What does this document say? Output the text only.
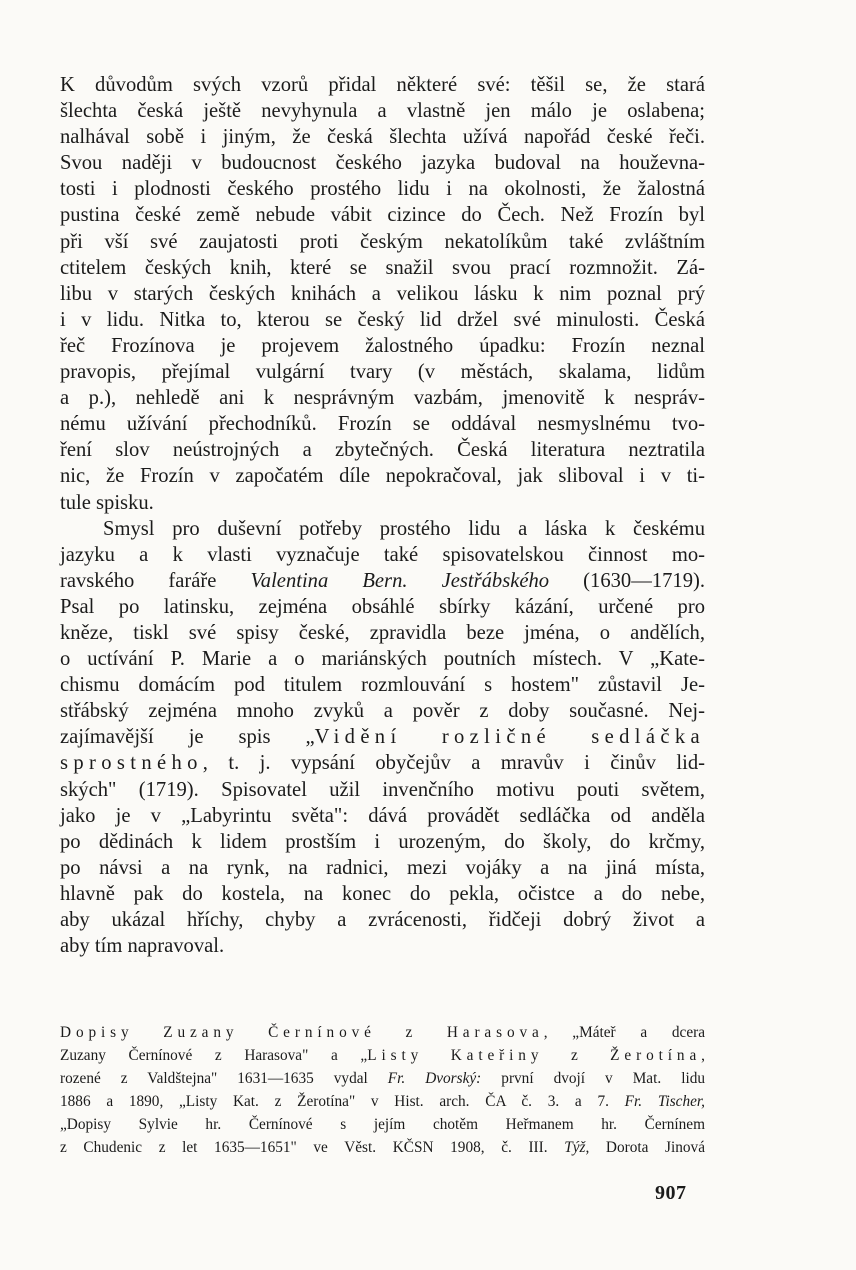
K důvodům svých vzorů přidal některé své: těšil se, že stará
šlechta česká ještě nevyhynula a vlastně jen málo je oslabena;
nalhával sobě i jiným, že česká šlechta užívá napořád české řeči.
Svou naději v budoucnost českého jazyka budoval na houževna-
tosti i plodnosti českého prostého lidu i na okolnosti, že žalostná
pustina české země nebude vábit cizince do Čech. Než Frozín byl
při vší své zaujatosti proti českým nekatolíkům také zvláštním
ctitelem českých knih, které se snažil svou prací rozmnožit. Zá-
libu v starých českých knihách a velikou lásku k nim poznal prý
i v lidu. Nitka to, kterou se český lid držel své minulosti. Česká
řeč Frozínova je projevem žalostného úpadku: Frozín neznal
pravopis, přejímal vulgární tvary (v městách, skalama, lidům
a p.), nehledě ani k nesprávným vazbám, jmenovitě k nespráv-
nému užívání přechodníků. Frozín se oddával nesmyslnému tvo-
ření slov neústrojných a zbytečných. Česká literatura neztratila
nic, že Frozín v započatém díle nepokračoval, jak sliboval i v ti-
tule spisku.
Smysl pro duševní potřeby prostého lidu a láska k českému
jazyku a k vlasti vyznačuje také spisovatelskou činnost mo-
ravského faráře Valentina Bern. Jestřábského (1630—1719).
Psal po latinsku, zejména obsáhlé sbírky kázání, určené pro
kněze, tiskl své spisy české, zpravidla beze jména, o andělích,
o uctívání P. Marie a o mariánských poutních místech. V „Kate-
chismu domácím pod titulem rozmlouvání s hostem" zůstavil Je-
střábský zejména mnoho zvyků a pověr z doby současné. Nej-
zajímavější je spis „Vidění rozličné sedláčka
sprostného, t. j. vypsání obyčejův a mravův i činův lid-
ských" (1719). Spisovatel užil invenčního motivu pouti světem,
jako je v „Labyrintu světa": dává provádět sedláčka od anděla
po dědinách k lidem prostším i urozeným, do školy, do krčmy,
po návsi a na rynk, na radnici, mezi vojáky a na jiná místa,
hlavně pak do kostela, na konec do pekla, očistce a do nebe,
aby ukázal hříchy, chyby a zvrácenosti, řidčeji dobrý život a
aby tím napravoval.
Dopisy Zuzany Černínové z Harasova, „Máteř a dcera
Zuzany Černínové z Harasova" a „Listy Kateřiny z Žerotína,
rozené z Valdštejna" 1631—1635 vydal Fr. Dvorský: první dvojí v Mat. lidu
1886 a 1890, „Listy Kat. z Žerotína" v Hist. arch. ČA č. 3. a 7. Fr. Tischer,
„Dopisy Sylvie hr. Černínové s jejím chotěm Heřmanem hr. Černínem
z Chudenic z let 1635—1651" ve Věst. KČSN 1908, č. III. Týž, Dorota Jinová
907
